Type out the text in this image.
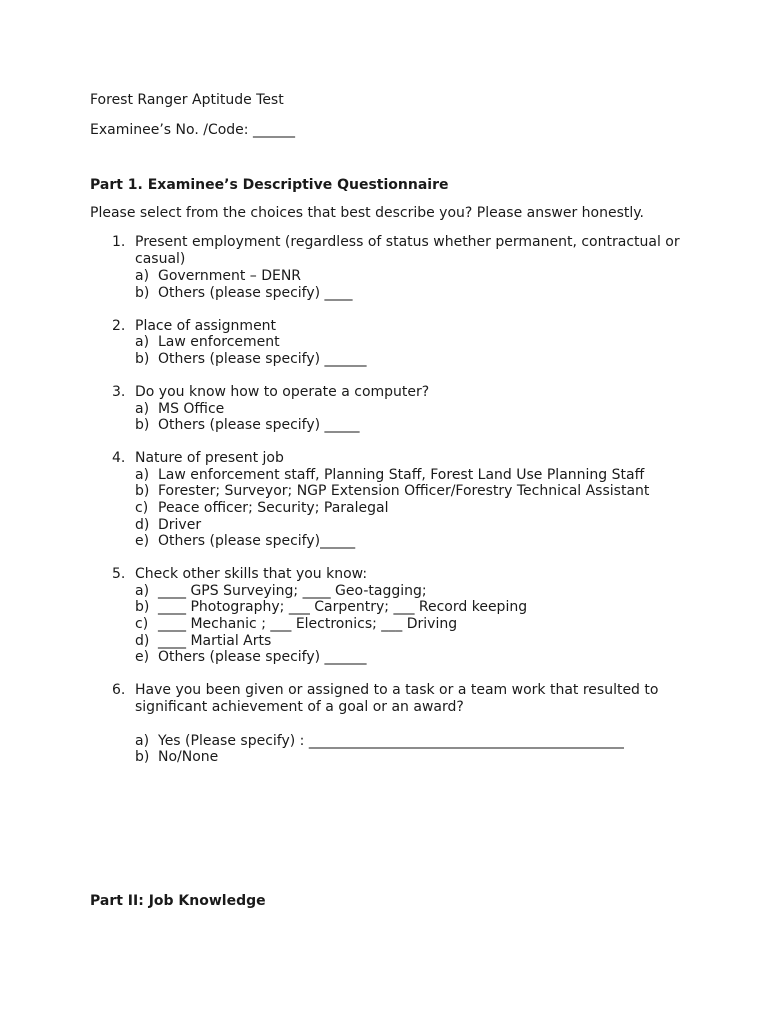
Forest Ranger Aptitude Test
Examinee’s No. /Code: ______
Part 1. Examinee’s Descriptive Questionnaire
Please select from the choices that best describe you? Please answer honestly.
1. Present employment (regardless of status whether permanent, contractual or
casual)
a) Government – DENR
b) Others (please specify) ____
2. Place of assignment
a) Law enforcement
b) Others (please specify) ______
3. Do you know how to operate a computer?
a) MS Office
b) Others (please specify) _____
4. Nature of present job
a) Law enforcement staff, Planning Staff, Forest Land Use Planning Staff
b) Forester; Surveyor; NGP Extension Officer/Forestry Technical Assistant
c) Peace officer; Security; Paralegal
d) Driver
e) Others (please specify)_____
5. Check other skills that you know:
a) ____ GPS Surveying; ____ Geo-tagging;
b) ____ Photography; ___ Carpentry; ___ Record keeping
c) ____ Mechanic ; ___ Electronics; ___ Driving
d) ____ Martial Arts
e) Others (please specify) ______
6. Have you been given or assigned to a task or a team work that resulted to
significant achievement of a goal or an award?
a) Yes (Please specify) : _____________________________________________
b) No/None
Part II: Job Knowledge
